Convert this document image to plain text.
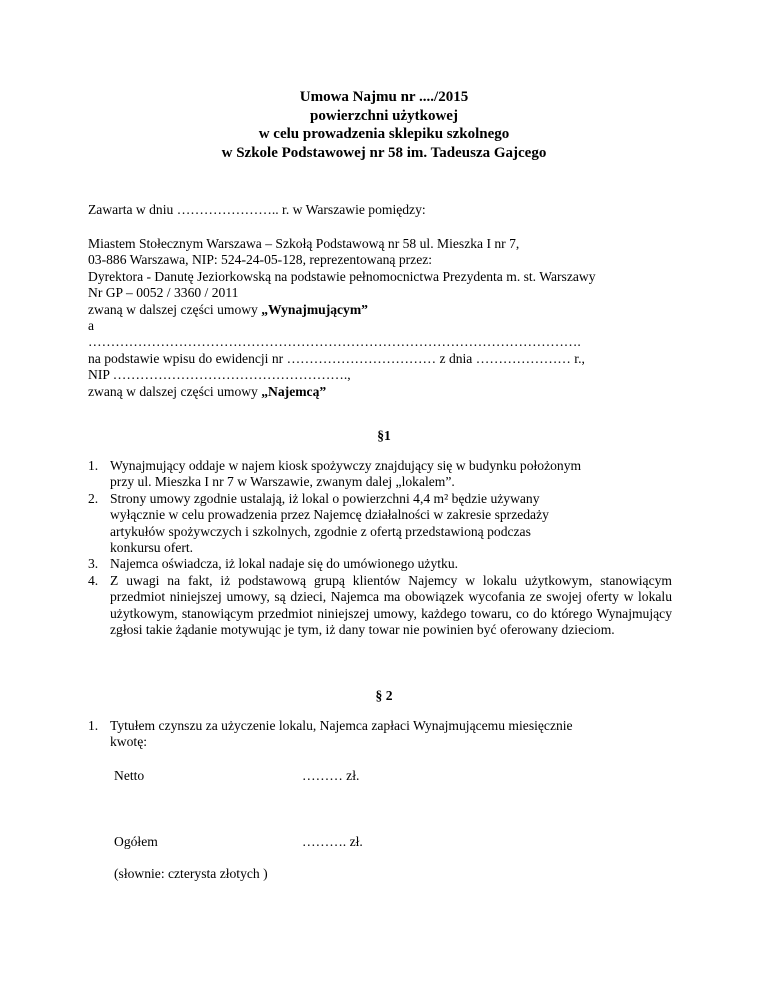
Umowa Najmu nr ..../2015
powierzchni użytkowej
w celu prowadzenia sklepiku szkolnego
w Szkole Podstawowej nr 58 im. Tadeusza Gajcego

Zawarta w dniu ………………….. r. w Warszawie pomiędzy:

Miastem Stołecznym Warszawa – Szkołą Podstawową nr 58 ul. Mieszka I nr 7,

03-886 Warszawa, NIP: 524-24-05-128, reprezentowaną przez:

Dyrektora - Danutę Jeziorkowską na podstawie pełnomocnictwa Prezydenta m. st. Warszawy

Nr GP – 0052 / 3360 / 2011

zwaną w dalszej części umowy „Wynajmującym”

a

……………………………………………………………………………………………….

na podstawie wpisu do ewidencji nr …………………………… z dnia ………………… r.,

NIP …………………………………………….,

zwaną w dalszej części umowy „Najemcą”

§1
1. Wynajmujący oddaje w najem kiosk spożywczy znajdujący się w budynku położonym
przy ul. Mieszka I nr 7 w Warszawie, zwanym dalej „lokalem”.
2. Strony umowy zgodnie ustalają, iż lokal o powierzchni 4,4 m² będzie używany
wyłącznie w celu prowadzenia przez Najemcę działalności w zakresie sprzedaży
artykułów spożywczych i szkolnych, zgodnie z ofertą przedstawioną podczas
konkursu ofert.
3. Najemca oświadcza, iż lokal nadaje się do umówionego użytku.
4. Z uwagi na fakt, iż podstawową grupą klientów Najemcy w lokalu użytkowym, stanowiącym przedmiot niniejszej umowy, są dzieci, Najemca ma obowiązek wycofania ze swojej oferty w lokalu użytkowym, stanowiącym przedmiot niniejszej umowy, każdego towaru, co do którego Wynajmujący zgłosi takie żądanie motywując je tym, iż dany towar nie powinien być oferowany dzieciom.
§ 2
1. Tytułem czynszu za użyczenie lokalu, Najemca zapłaci Wynajmującemu miesięcznie
kwotę:
Netto	……… zł.
Ogółem	………. zł.
(słownie: czterysta złotych )
